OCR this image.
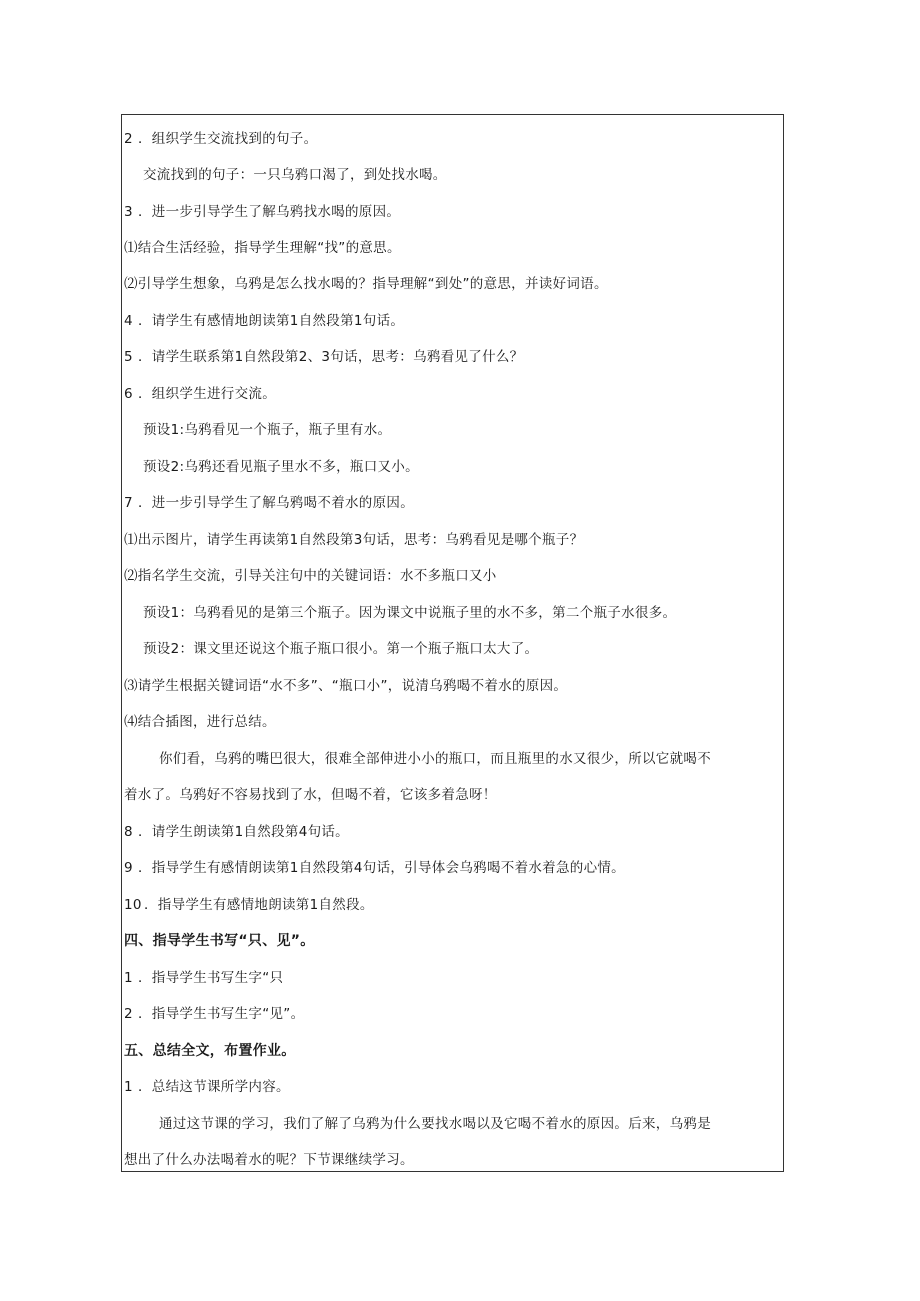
2 ．组织学生交流找到的句子。
交流找到的句子：一只乌鸦口渴了，到处找水喝。
3 ．进一步引导学生了解乌鸦找水喝的原因。
⑴结合生活经验，指导学生理解“找”的意思。
⑵引导学生想象，乌鸦是怎么找水喝的？指导理解“到处”的意思，并读好词语。
4 ．请学生有感情地朗读第1自然段第1句话。
5 ．请学生联系第1自然段第2、3句话，思考：乌鸦看见了什么？
6 ．组织学生进行交流。
预设1:乌鸦看见一个瓶子，瓶子里有水。
预设2:乌鸦还看见瓶子里水不多，瓶口又小。
7 ．进一步引导学生了解乌鸦喝不着水的原因。
⑴出示图片，请学生再读第1自然段第3句话，思考：乌鸦看见是哪个瓶子？
⑵指名学生交流，引导关注句中的关键词语：水不多瓶口又小
预设1：乌鸦看见的是第三个瓶子。因为课文中说瓶子里的水不多，第二个瓶子水很多。
预设2：课文里还说这个瓶子瓶口很小。第一个瓶子瓶口太大了。
⑶请学生根据关键词语“水不多”、“瓶口小”，说清乌鸦喝不着水的原因。
⑷结合插图，进行总结。
你们看，乌鸦的嘴巴很大，很难全部伸进小小的瓶口，而且瓶里的水又很少，所以它就喝不
着水了。乌鸦好不容易找到了水，但喝不着，它该多着急呀！
8 ．请学生朗读第1自然段第4句话。
9 ．指导学生有感情朗读第1自然段第4句话，引导体会乌鸦喝不着水着急的心情。
10 ．指导学生有感情地朗读第1自然段。
四、指导学生书写“只、见”。
1 ．指导学生书写生字“只
2 ．指导学生书写生字“见”。
五、总结全文，布置作业。
1 ．总结这节课所学内容。
通过这节课的学习，我们了解了乌鸦为什么要找水喝以及它喝不着水的原因。后来，乌鸦是
想出了什么办法喝着水的呢？下节课继续学习。
